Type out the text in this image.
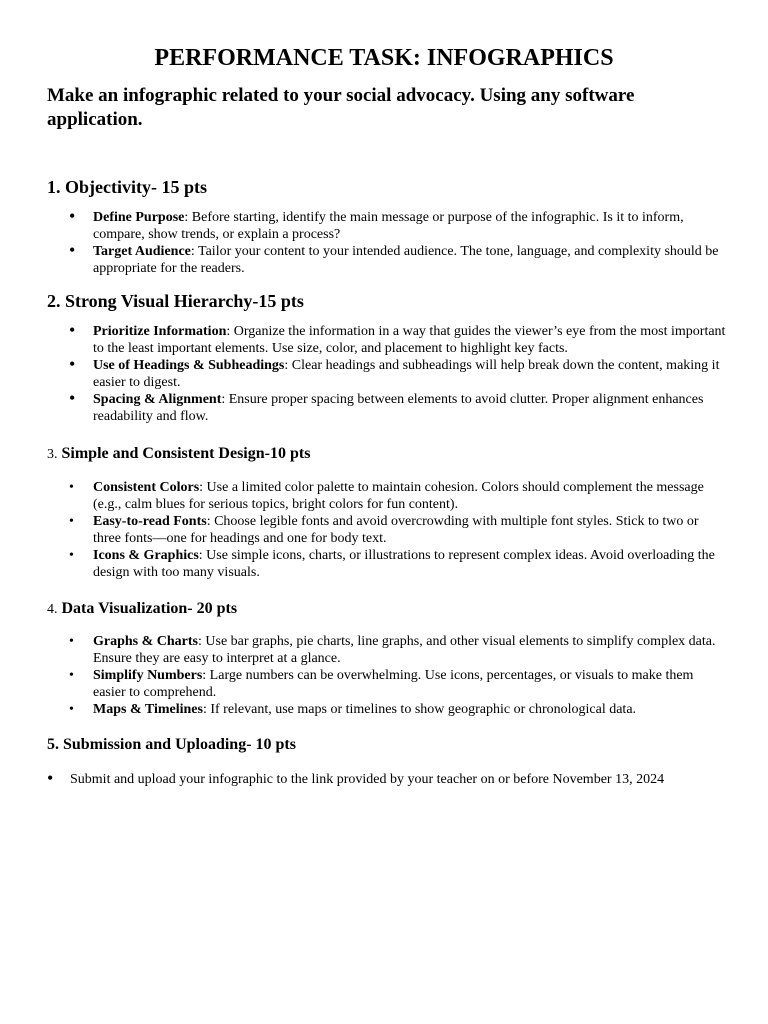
PERFORMANCE TASK: INFOGRAPHICS
Make an infographic related to your social advocacy. Using any software application.
1. Objectivity- 15 pts
• Define Purpose: Before starting, identify the main message or purpose of the infographic. Is it to inform, compare, show trends, or explain a process?
• Target Audience: Tailor your content to your intended audience. The tone, language, and complexity should be appropriate for the readers.
2. Strong Visual Hierarchy-15 pts
• Prioritize Information: Organize the information in a way that guides the viewer’s eye from the most important to the least important elements. Use size, color, and placement to highlight key facts.
• Use of Headings & Subheadings: Clear headings and subheadings will help break down the content, making it easier to digest.
• Spacing & Alignment: Ensure proper spacing between elements to avoid clutter. Proper alignment enhances readability and flow.
3. Simple and Consistent Design-10 pts
• Consistent Colors: Use a limited color palette to maintain cohesion. Colors should complement the message (e.g., calm blues for serious topics, bright colors for fun content).
• Easy-to-read Fonts: Choose legible fonts and avoid overcrowding with multiple font styles. Stick to two or three fonts—one for headings and one for body text.
• Icons & Graphics: Use simple icons, charts, or illustrations to represent complex ideas. Avoid overloading the design with too many visuals.
4. Data Visualization- 20 pts
• Graphs & Charts: Use bar graphs, pie charts, line graphs, and other visual elements to simplify complex data. Ensure they are easy to interpret at a glance.
• Simplify Numbers: Large numbers can be overwhelming. Use icons, percentages, or visuals to make them easier to comprehend.
• Maps & Timelines: If relevant, use maps or timelines to show geographic or chronological data.
5. Submission and Uploading- 10 pts
• Submit and upload your infographic to the link provided by your teacher on or before November 13, 2024
